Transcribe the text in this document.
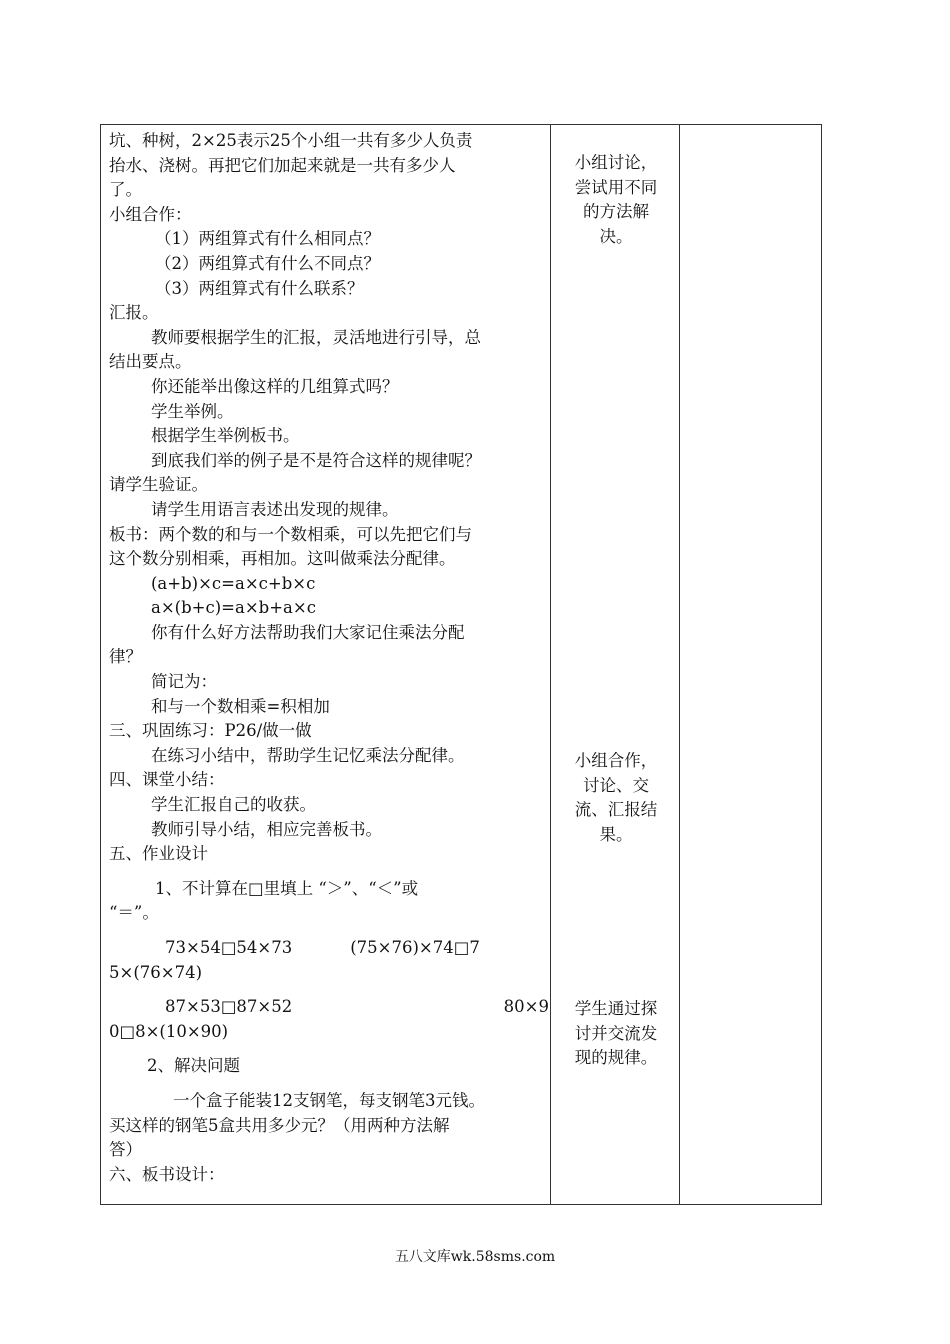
坑、种树，2×25表示25个小组一共有多少人负责
抬水、浇树。再把它们加起来就是一共有多少人
了。
小组合作：
（1）两组算式有什么相同点？
（2）两组算式有什么不同点？
（3）两组算式有什么联系？
汇报。
教师要根据学生的汇报，灵活地进行引导，总
结出要点。
你还能举出像这样的几组算式吗？
学生举例。
根据学生举例板书。
到底我们举的例子是不是符合这样的规律呢？
请学生验证。
请学生用语言表述出发现的规律。
板书：两个数的和与一个数相乘，可以先把它们与
这个数分别相乘，再相加。这叫做乘法分配律。
(a+b)×c=a×c+b×c
a×(b+c)=a×b+a×c
你有什么好方法帮助我们大家记住乘法分配
律？
简记为：
和与一个数相乘=积相加
三、巩固练习：P26/做一做
在练习小结中，帮助学生记忆乘法分配律。
四、课堂小结：
学生汇报自己的收获。
教师引导小结，相应完善板书。
五、作业设计
1、不计算在□里填上 “＞”、“＜”或
“＝”。
73×54□54×73	(75×76)×74□7
5×(76×74)
87×53□87×52	80×9
0□8×(10×90)
2、解决问题
一个盒子能装12支钢笔，每支钢笔3元钱。
买这样的钢笔5盒共用多少元？（用两种方法解
答）
六、板书设计：
小组讨论，
尝试用不同
的方法解
决。
小组合作，
讨论、交
流、汇报结
果。
学生通过探
讨并交流发
现的规律。
五八文库wk.58sms.com
